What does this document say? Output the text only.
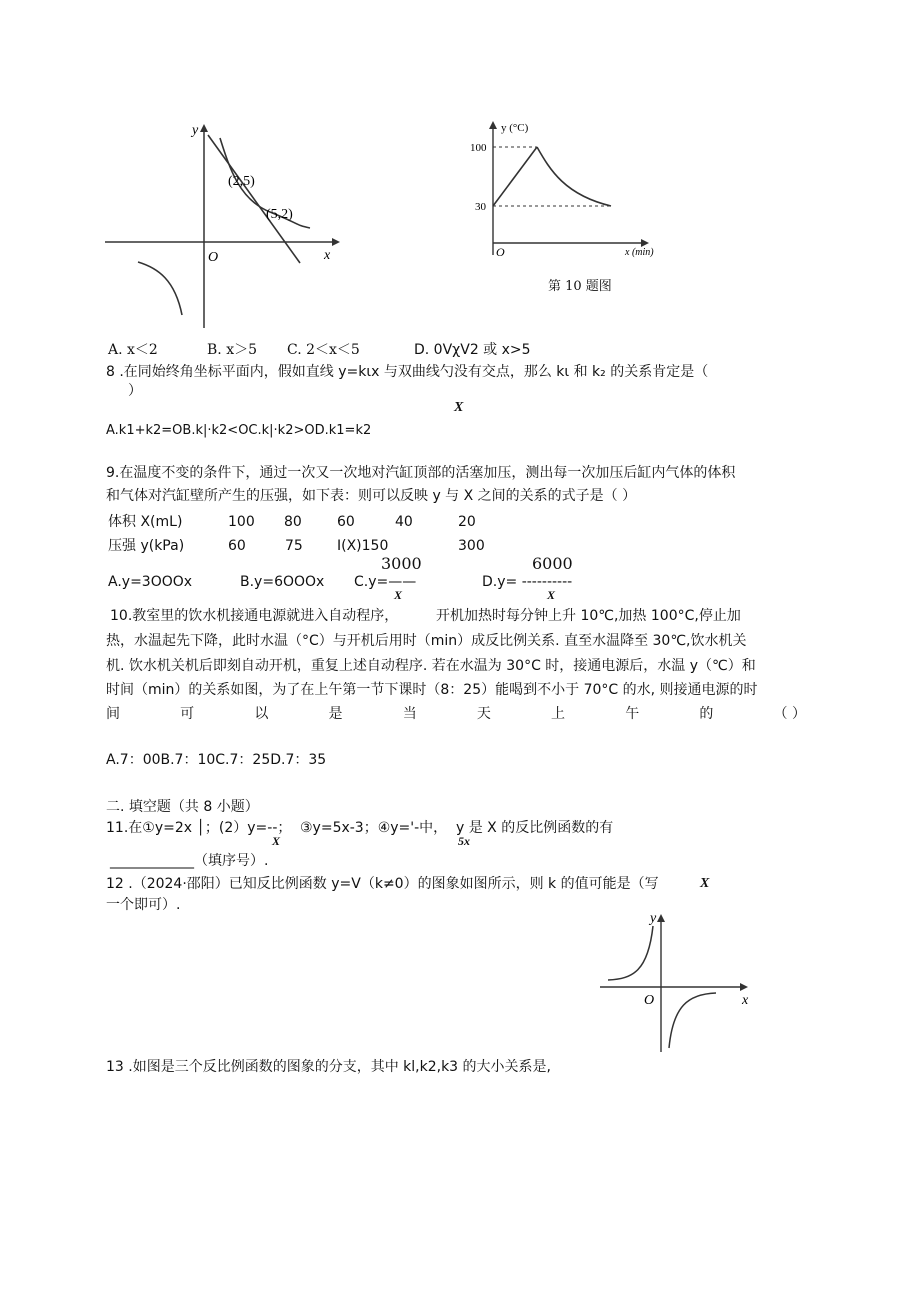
y
O	x
(2,5)
(5,2)
y (°C)
100
30
O	x (min)
第 10 题图
A. x＜2	B. x＞5 C. 2＜x＜5	D. 0VχV2 或 x>5
8 .在同始终角坐标平面内，假如直线 y=kιx 与双曲线勺没有交点，那么 kι 和 k₂ 的关系肯定是（
）
X
A.k1+k2=OB.k|·k2<OC.k|·k2>OD.k1=k2
9.在温度不变的条件下，通过一次又一次地对汽缸顶部的活塞加压，测出每一次加压后缸内气体的体积
和气体对汽缸壁所产生的压强，如下表：则可以反映 y 与 X 之间的关系的式子是（ ）
体积 X(mL)	100 80	60	40	20
压强 y(kPa)	60	75 I(X)150	300
3000	6000
A.y=3OOOx	B.y=6OOOx C.y=——	D.y= ----------
X	X
10.教室里的饮水机接通电源就进入自动程序，	开机加热时每分钟上升 10℃,加热 100°C,停止加
热，水温起先下降，此时水温（°C）与开机后用时（min）成反比例关系. 直至水温降至 30℃,饮水机关
机. 饮水机关机后即刻自动开机，重复上述自动程序. 若在水温为 30°C 时，接通电源后，水温 y（℃）和
时间（min）的关系如图，为了在上午第一节下课时（8：25）能喝到不小于 70°C 的水, 则接通电源的时
间	可	以	是	当	天	上	午	的	（ ）
A.7：00B.7：10C.7：25D.7：35
二. 填空题（共 8 小题）
11.在①y=2x │；(2）y=--； ③y=5x-3；④y='-中， y 是 X 的反比例函数的有
X	5x
____________（填序号）.
12 .（2024·邵阳）已知反比例函数 y=V（k≠0）的图象如图所示，则 k 的值可能是（写	X
一个即可）.
y
O	x
13 .如图是三个反比例函数的图象的分支，其中 kl,k2,k3 的大小关系是,
